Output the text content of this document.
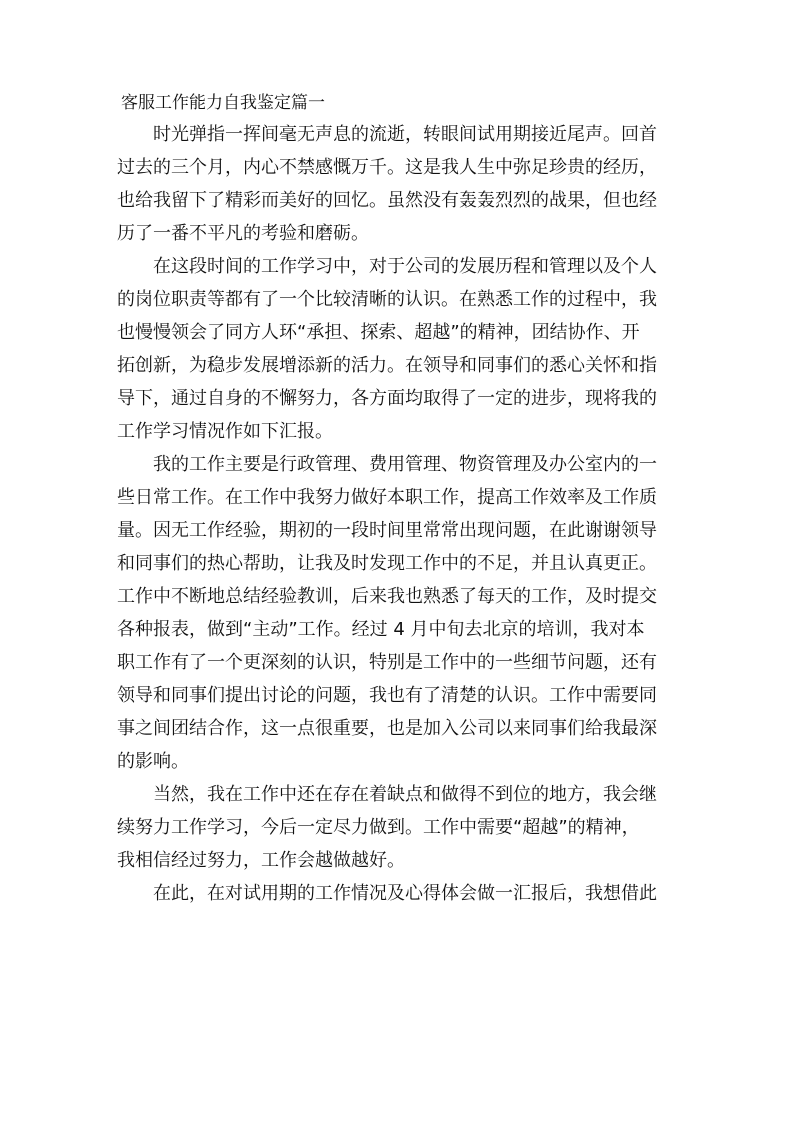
客服工作能力自我鉴定篇一
时光弹指一挥间毫无声息的流逝，转眼间试用期接近尾声。回首
过去的三个月，内心不禁感慨万千。这是我人生中弥足珍贵的经历，
也给我留下了精彩而美好的回忆。虽然没有轰轰烈烈的战果，但也经
历了一番不平凡的考验和磨砺。
在这段时间的工作学习中，对于公司的发展历程和管理以及个人
的岗位职责等都有了一个比较清晰的认识。在熟悉工作的过程中，我
也慢慢领会了同方人环“承担、探索、超越”的精神，团结协作、开
拓创新，为稳步发展增添新的活力。在领导和同事们的悉心关怀和指
导下，通过自身的不懈努力，各方面均取得了一定的进步，现将我的
工作学习情况作如下汇报。
我的工作主要是行政管理、费用管理、物资管理及办公室内的一
些日常工作。在工作中我努力做好本职工作，提高工作效率及工作质
量。因无工作经验，期初的一段时间里常常出现问题，在此谢谢领导
和同事们的热心帮助，让我及时发现工作中的不足，并且认真更正。
工作中不断地总结经验教训，后来我也熟悉了每天的工作，及时提交
各种报表，做到“主动”工作。经过 4 月中旬去北京的培训，我对本
职工作有了一个更深刻的认识，特别是工作中的一些细节问题，还有
领导和同事们提出讨论的问题，我也有了清楚的认识。工作中需要同
事之间团结合作，这一点很重要，也是加入公司以来同事们给我最深
的影响。
当然，我在工作中还在存在着缺点和做得不到位的地方，我会继
续努力工作学习，今后一定尽力做到。工作中需要“超越”的精神，
我相信经过努力，工作会越做越好。
在此，在对试用期的工作情况及心得体会做一汇报后，我想借此
